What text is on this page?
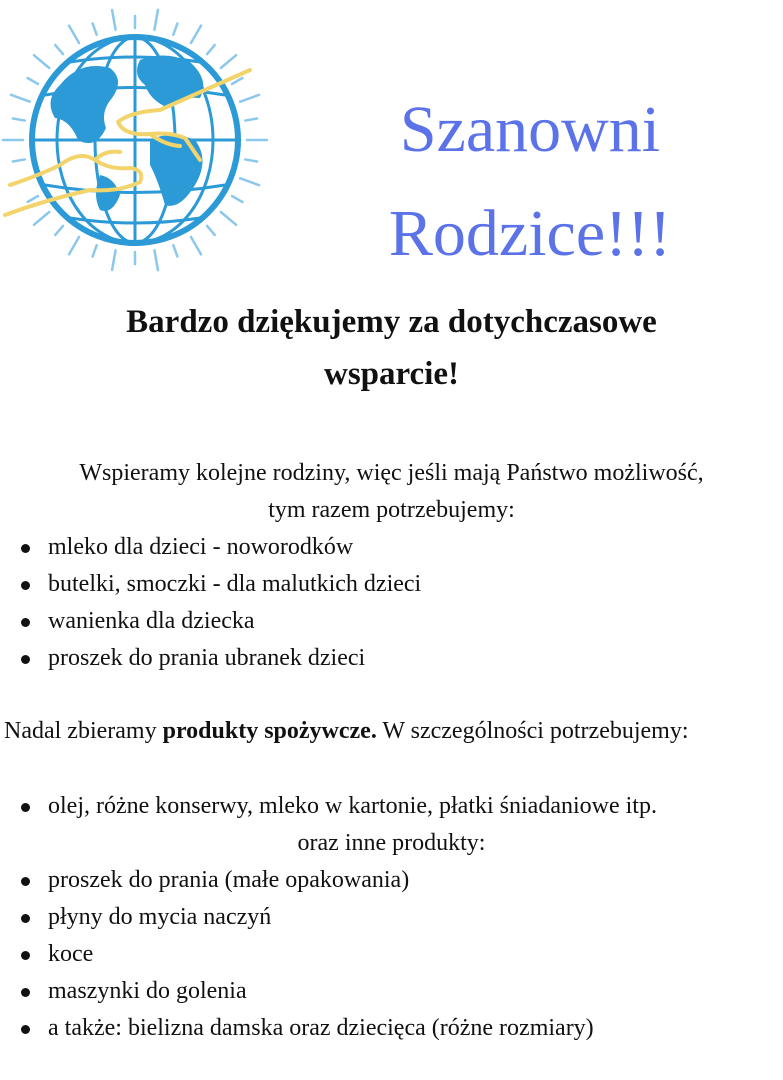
Szanowni
Rodzice!!!
Bardzo dziękujemy za dotychczasowe
wsparcie!
Wspieramy kolejne rodziny, więc jeśli mają Państwo możliwość,
tym razem potrzebujemy:
mleko dla dzieci - noworodków
butelki, smoczki - dla malutkich dzieci
wanienka dla dziecka
proszek do prania ubranek dzieci
Nadal zbieramy produkty spożywcze. W szczególności potrzebujemy:
olej, różne konserwy, mleko w kartonie, płatki śniadaniowe itp.
oraz inne produkty:
proszek do prania (małe opakowania)
płyny do mycia naczyń
koce
maszynki do golenia
a także: bielizna damska oraz dziecięca (różne rozmiary)
